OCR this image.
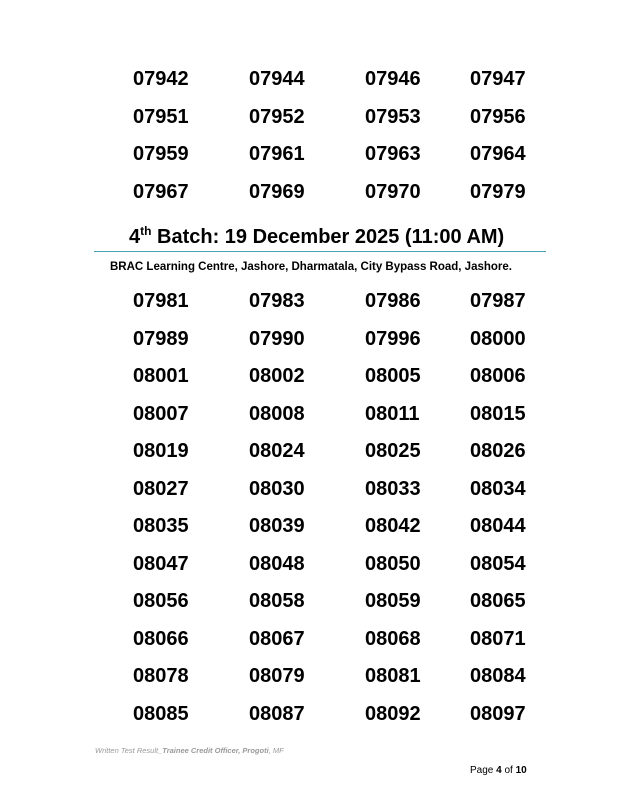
07942	07944	07946 07947
07951	07952	07953 07956
07959	07961	07963 07964
07967	07969	07970 07979
4th Batch: 19 December 2025 (11:00 AM)
BRAC Learning Centre, Jashore, Dharmatala, City Bypass Road, Jashore.
07981	07983	07986 07987
07989	07990	07996 08000
08001	08002	08005 08006
08007	08008	08011	08015
08019	08024	08025 08026
08027	08030	08033 08034
08035	08039	08042 08044
08047	08048	08050 08054
08056	08058	08059 08065
08066	08067	08068 08071
08078	08079	08081 08084
08085	08087	08092 08097
Written Test Result_Trainee Credit Officer, Progoti, MF
Page 4 of 10
